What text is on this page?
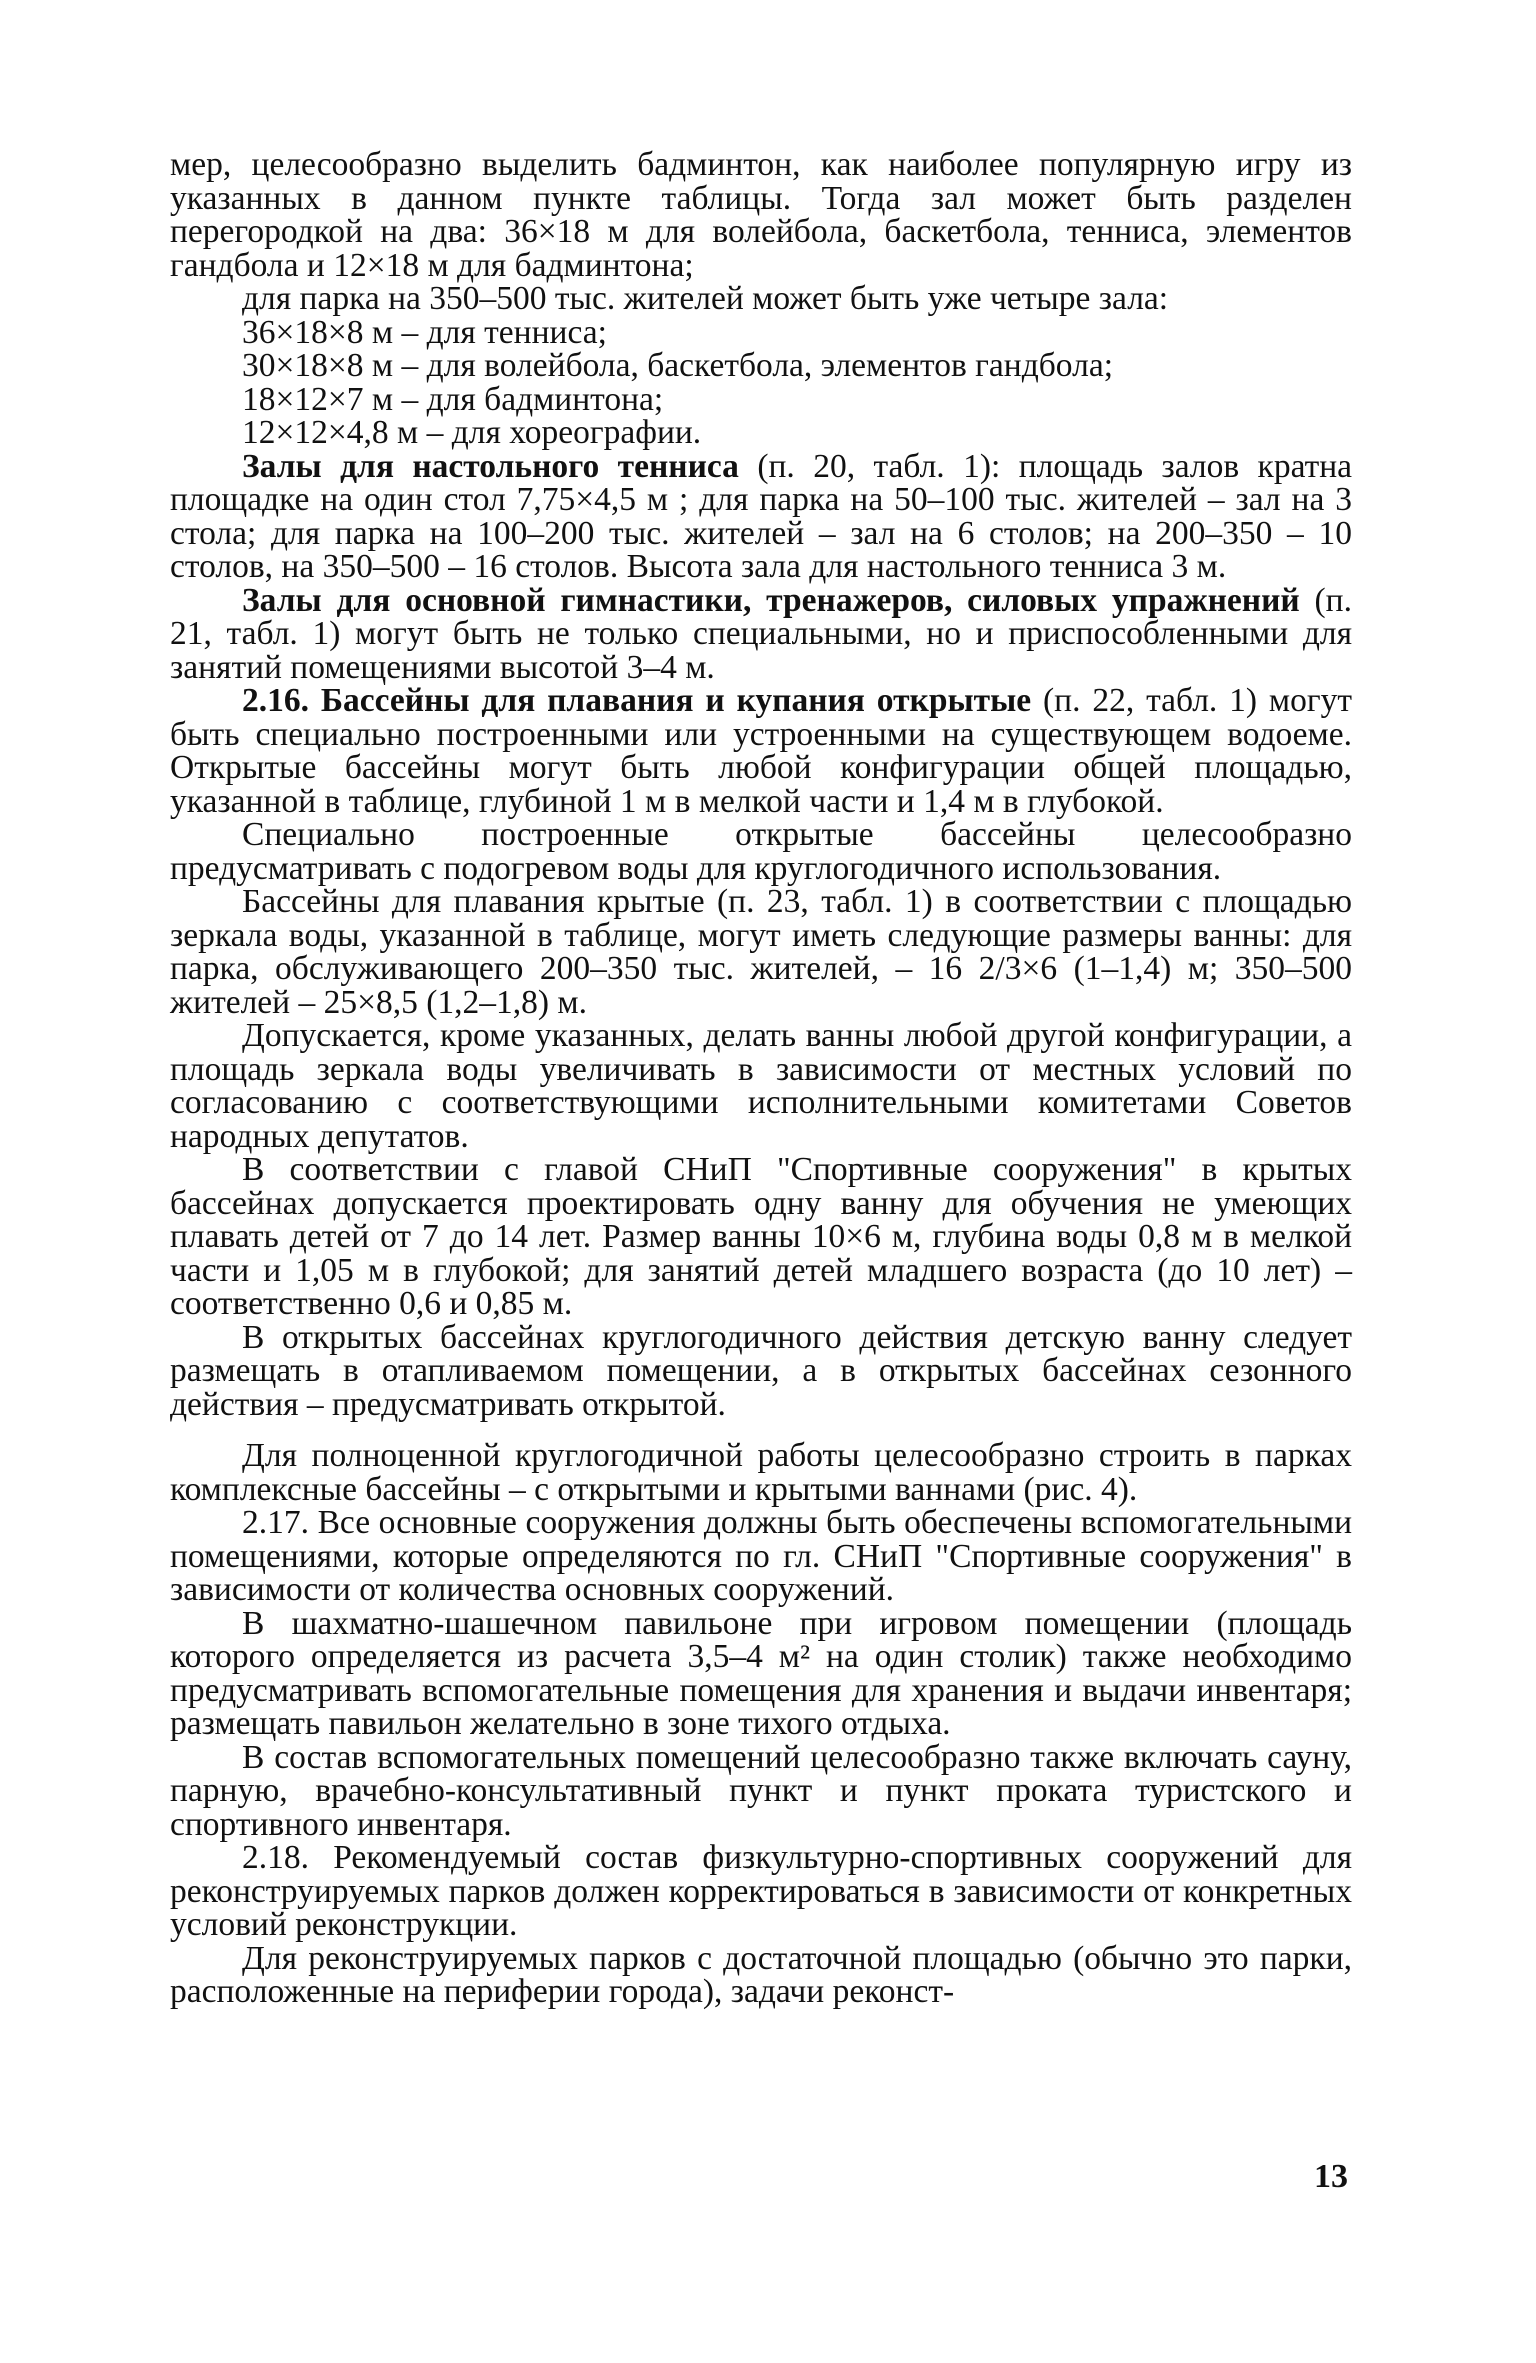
мер, целесообразно выделить бадминтон, как наиболее популярную игру из указанных в данном пункте таблицы. Тогда зал может быть разделен перегородкой на два: 36×18 м для волейбола, баскетбола, тенниса, элементов гандбола и 12×18 м для бадминтона;

для парка на 350–500 тыс. жителей может быть уже четыре зала:

36×18×8 м – для тенниса;

30×18×8 м – для волейбола, баскетбола, элементов гандбола;

18×12×7 м – для бадминтона;

12×12×4,8 м – для хореографии.

Залы для настольного тенниса (п. 20, табл. 1): площадь залов кратна площадке на один стол 7,75×4,5 м ; для парка на 50–100 тыс. жителей – зал на 3 стола; для парка на 100–200 тыс. жителей – зал на 6 столов; на 200–350 – 10 столов, на 350–500 – 16 столов. Высота зала для настольного тенниса 3 м.

Залы для основной гимнастики, тренажеров, силовых упражнений (п. 21, табл. 1) могут быть не только специальными, но и приспособленными для занятий помещениями высотой 3–4 м.

2.16. Бассейны для плавания и купания открытые (п. 22, табл. 1) могут быть специально построенными или устроенными на существующем водоеме. Открытые бассейны могут быть любой конфигурации общей площадью, указанной в таблице, глубиной 1 м в мелкой части и 1,4 м в глубокой.

Специально построенные открытые бассейны целесообразно предусматривать с подогревом воды для круглогодичного использования.

Бассейны для плавания крытые (п. 23, табл. 1) в соответствии с площадью зеркала воды, указанной в таблице, могут иметь следующие размеры ванны: для парка, обслуживающего 200–350 тыс. жителей, – 16 2/3×6 (1–1,4) м; 350–500 жителей – 25×8,5 (1,2–1,8) м.

Допускается, кроме указанных, делать ванны любой другой конфигурации, а площадь зеркала воды увеличивать в зависимости от местных условий по согласованию с соответствующими исполнительными комитетами Советов народных депутатов.

В соответствии с главой СНиП "Спортивные сооружения" в крытых бассейнах допускается проектировать одну ванну для обучения не умеющих плавать детей от 7 до 14 лет. Размер ванны 10×6 м, глубина воды 0,8 м в мелкой части и 1,05 м в глубокой; для занятий детей младшего возраста (до 10 лет) – соответственно 0,6 и 0,85 м.

В открытых бассейнах круглогодичного действия детскую ванну следует размещать в отапливаемом помещении, а в открытых бассейнах сезонного действия – предусматривать открытой.

Для полноценной круглогодичной работы целесообразно строить в парках комплексные бассейны – с открытыми и крытыми ваннами (рис. 4).

2.17. Все основные сооружения должны быть обеспечены вспомогательными помещениями, которые определяются по гл. СНиП "Спортивные сооружения" в зависимости от количества основных сооружений.

В шахматно-шашечном павильоне при игровом помещении (площадь которого определяется из расчета 3,5–4 м² на один столик) также необходимо предусматривать вспомогательные помещения для хранения и выдачи инвентаря; размещать павильон желательно в зоне тихого отдыха.

В состав вспомогательных помещений целесообразно также включать сауну, парную, врачебно-консультативный пункт и пункт проката туристского и спортивного инвентаря.

2.18. Рекомендуемый состав физкультурно-спортивных сооружений для реконструируемых парков должен корректироваться в зависимости от конкретных условий реконструкции.

Для реконструируемых парков с достаточной площадью (обычно это парки, расположенные на периферии города), задачи реконст-

13
